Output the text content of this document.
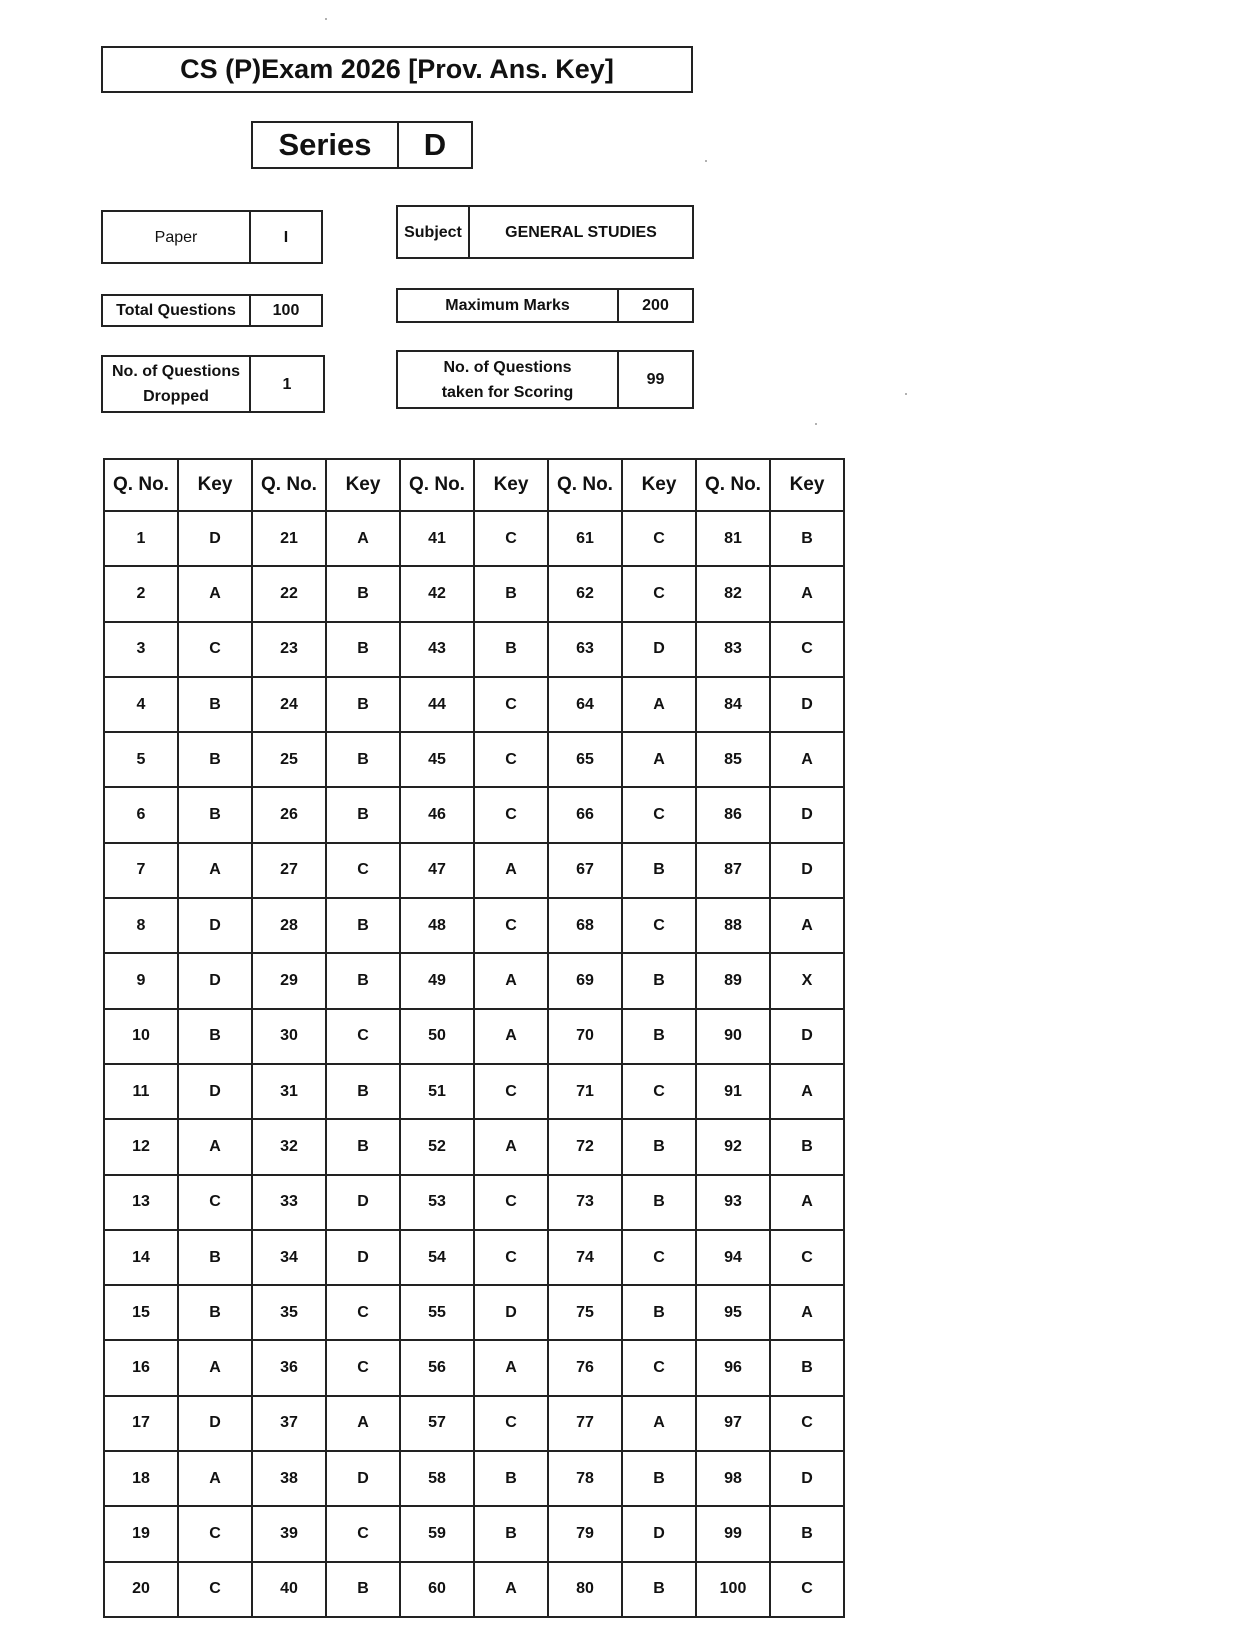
CS (P)Exam 2026 [Prov. Ans. Key]
Series	D
Paper	I	Subject	GENERAL STUDIES
Total Questions	100	Maximum Marks	200
No. of Questions
Dropped
1
No. of Questions
taken for Scoring
99
Q. No.	Key	Q. No.	Key	Q. No.	Key	Q. No.	Key	Q. No.	Key
1	D	21	A	41	C	61	C	81	B
2	A	22	B	42	B	62	C	82	A
3	C	23	B	43	B	63	D	83	C
4	B	24	B	44	C	64	A	84	D
5	B	25	B	45	C	65	A	85	A
6	B	26	B	46	C	66	C	86	D
7	A	27	C	47	A	67	B	87	D
8	D	28	B	48	C	68	C	88	A
9	D	29	B	49	A	69	B	89	X
10	B	30	C	50	A	70	B	90	D
11	D	31	B	51	C	71	C	91	A
12	A	32	B	52	A	72	B	92	B
13	C	33	D	53	C	73	B	93	A
14	B	34	D	54	C	74	C	94	C
15	B	35	C	55	D	75	B	95	A
16	A	36	C	56	A	76	C	96	B
17	D	37	A	57	C	77	A	97	C
18	A	38	D	58	B	78	B	98	D
19	C	39	C	59	B	79	D	99	B
20	C	40	B	60	A	80	B	100	C
